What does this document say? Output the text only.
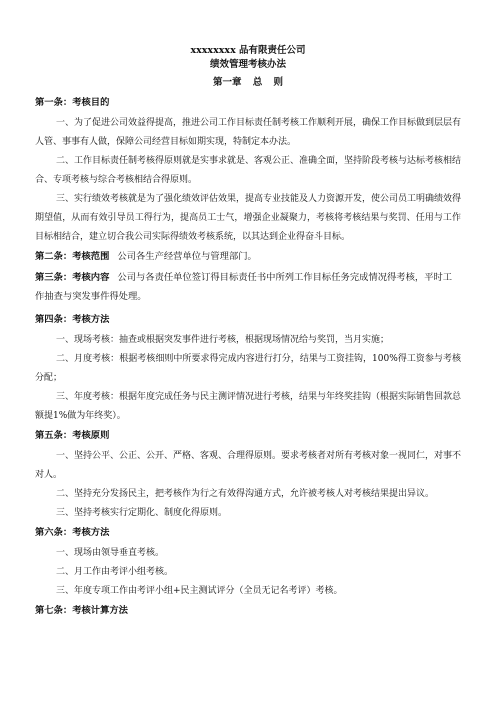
xxxxxxxx 品有限责任公司
绩效管理考核办法
第一章 总 则
第一条：考核目的

一、为了促进公司效益得提高，推进公司工作目标责任制考核工作顺利开展，确保工作目标做到层层有人管、事事有人做，保障公司经营目标如期实现，特制定本办法。

二、工作目标责任制考核得原则就是实事求就是、客观公正、准确全面，坚持阶段考核与达标考核相结合、专项考核与综合考核相结合得原则。

三、实行绩效考核就是为了强化绩效评估效果，提高专业技能及人力资源开发，使公司员工明确绩效得期望值，从而有效引导员工得行为，提高员工士气，增强企业凝聚力，考核将考核结果与奖罚、任用与工作目标相结合，建立切合我公司实际得绩效考核系统，以其达到企业得奋斗目标。

第二条：考核范围 公司各生产经营单位与管理部门。
第三条：考核内容 公司与各责任单位签订得目标责任书中所列工作目标任务完成情况得考核，平时工作抽查与突发事件得处理。
第四条：考核方法

一、现场考核：抽查或根据突发事件进行考核，根据现场情况给与奖罚，当月实施；

二、月度考核：根据考核细则中所要求得完成内容进行打分，结果与工资挂钩，100%得工资参与考核分配；

三、年度考核：根据年度完成任务与民主测评情况进行考核，结果与年终奖挂钩（根据实际销售回款总额提1%做为年终奖）。

第五条：考核原则

一、坚持公平、公正、公开、严格、客观、合理得原则。要求考核者对所有考核对象一视同仁，对事不对人。

二、坚持充分发扬民主，把考核作为行之有效得沟通方式，允许被考核人对考核结果提出异议。

三、坚持考核实行定期化、制度化得原则。

第六条：考核方法

一、现场由领导垂直考核。

二、月工作由考评小组考核。

三、年度专项工作由考评小组+民主测试评分（全员无记名考评）考核。

第七条：考核计算方法
